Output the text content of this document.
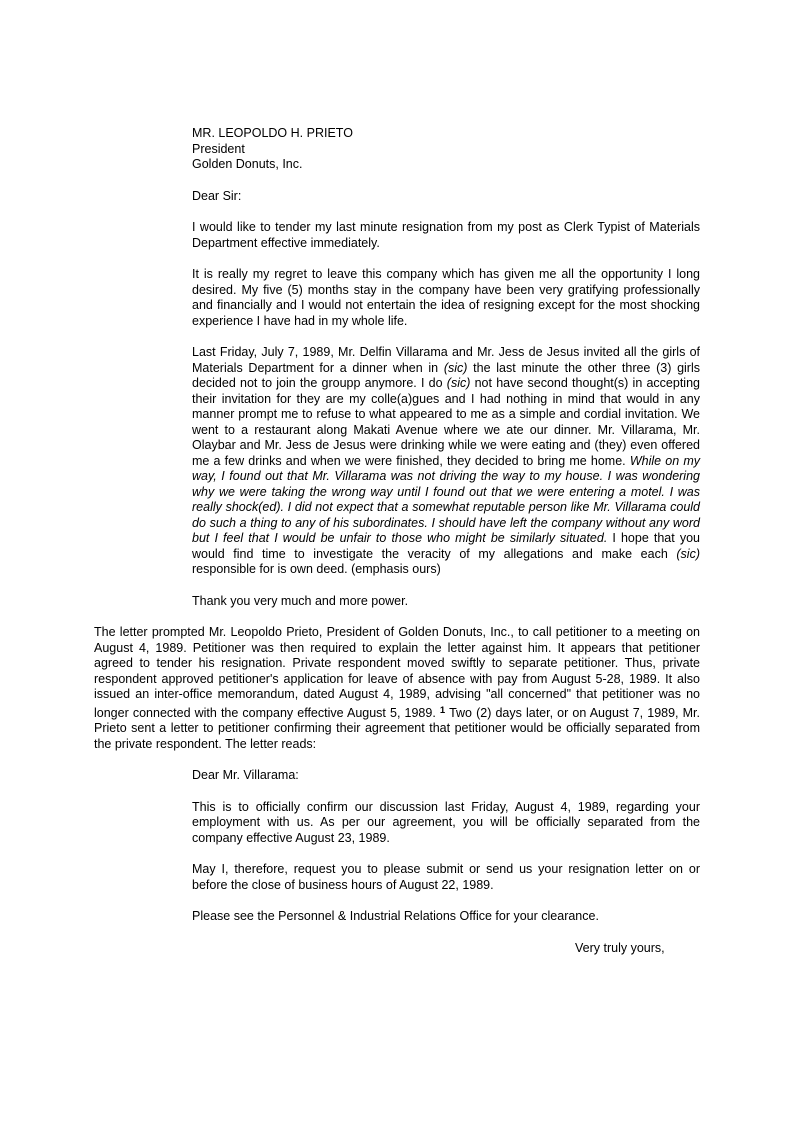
MR. LEOPOLDO H. PRIETO
President
Golden Donuts, Inc.

Dear Sir:

I would like to tender my last minute resignation from my post as Clerk Typist of Materials Department effective immediately.

It is really my regret to leave this company which has given me all the opportunity I long desired. My five (5) months stay in the company have been very gratifying professionally and financially and I would not entertain the idea of resigning except for the most shocking experience I have had in my whole life.

Last Friday, July 7, 1989, Mr. Delfin Villarama and Mr. Jess de Jesus invited all the girls of Materials Department for a dinner when in (sic) the last minute the other three (3) girls decided not to join the groupp anymore. I do (sic) not have second thought(s) in accepting their invitation for they are my colle(a)gues and I had nothing in mind that would in any manner prompt me to refuse to what appeared to me as a simple and cordial invitation. We went to a restaurant along Makati Avenue where we ate our dinner. Mr. Villarama, Mr. Olaybar and Mr. Jess de Jesus were drinking while we were eating and (they) even offered me a few drinks and when we were finished, they decided to bring me home. While on my way, I found out that Mr. Villarama was not driving the way to my house. I was wondering why we were taking the wrong way until I found out that we were entering a motel. I was really shock(ed). I did not expect that a somewhat reputable person like Mr. Villarama could do such a thing to any of his subordinates. I should have left the company without any word but I feel that I would be unfair to those who might be similarly situated. I hope that you would find time to investigate the veracity of my allegations and make each (sic) responsible for is own deed. (emphasis ours)

Thank you very much and more power.

The letter prompted Mr. Leopoldo Prieto, President of Golden Donuts, Inc., to call petitioner to a meeting on August 4, 1989. Petitioner was then required to explain the letter against him. It appears that petitioner agreed to tender his resignation. Private respondent moved swiftly to separate petitioner. Thus, private respondent approved petitioner's application for leave of absence with pay from August 5-28, 1989. It also issued an inter-office memorandum, dated August 4, 1989, advising "all concerned" that petitioner was no longer connected with the company effective August 5, 1989. $^1$ Two (2) days later, or on August 7, 1989, Mr. Prieto sent a letter to petitioner confirming their agreement that petitioner would be officially separated from the private respondent. The letter reads:

Dear Mr. Villarama:

This is to officially confirm our discussion last Friday, August 4, 1989, regarding your employment with us. As per our agreement, you will be officially separated from the company effective August 23, 1989.

May I, therefore, request you to please submit or send us your resignation letter on or before the close of business hours of August 22, 1989.

Please see the Personnel & Industrial Relations Office for your clearance.

Very truly yours,
